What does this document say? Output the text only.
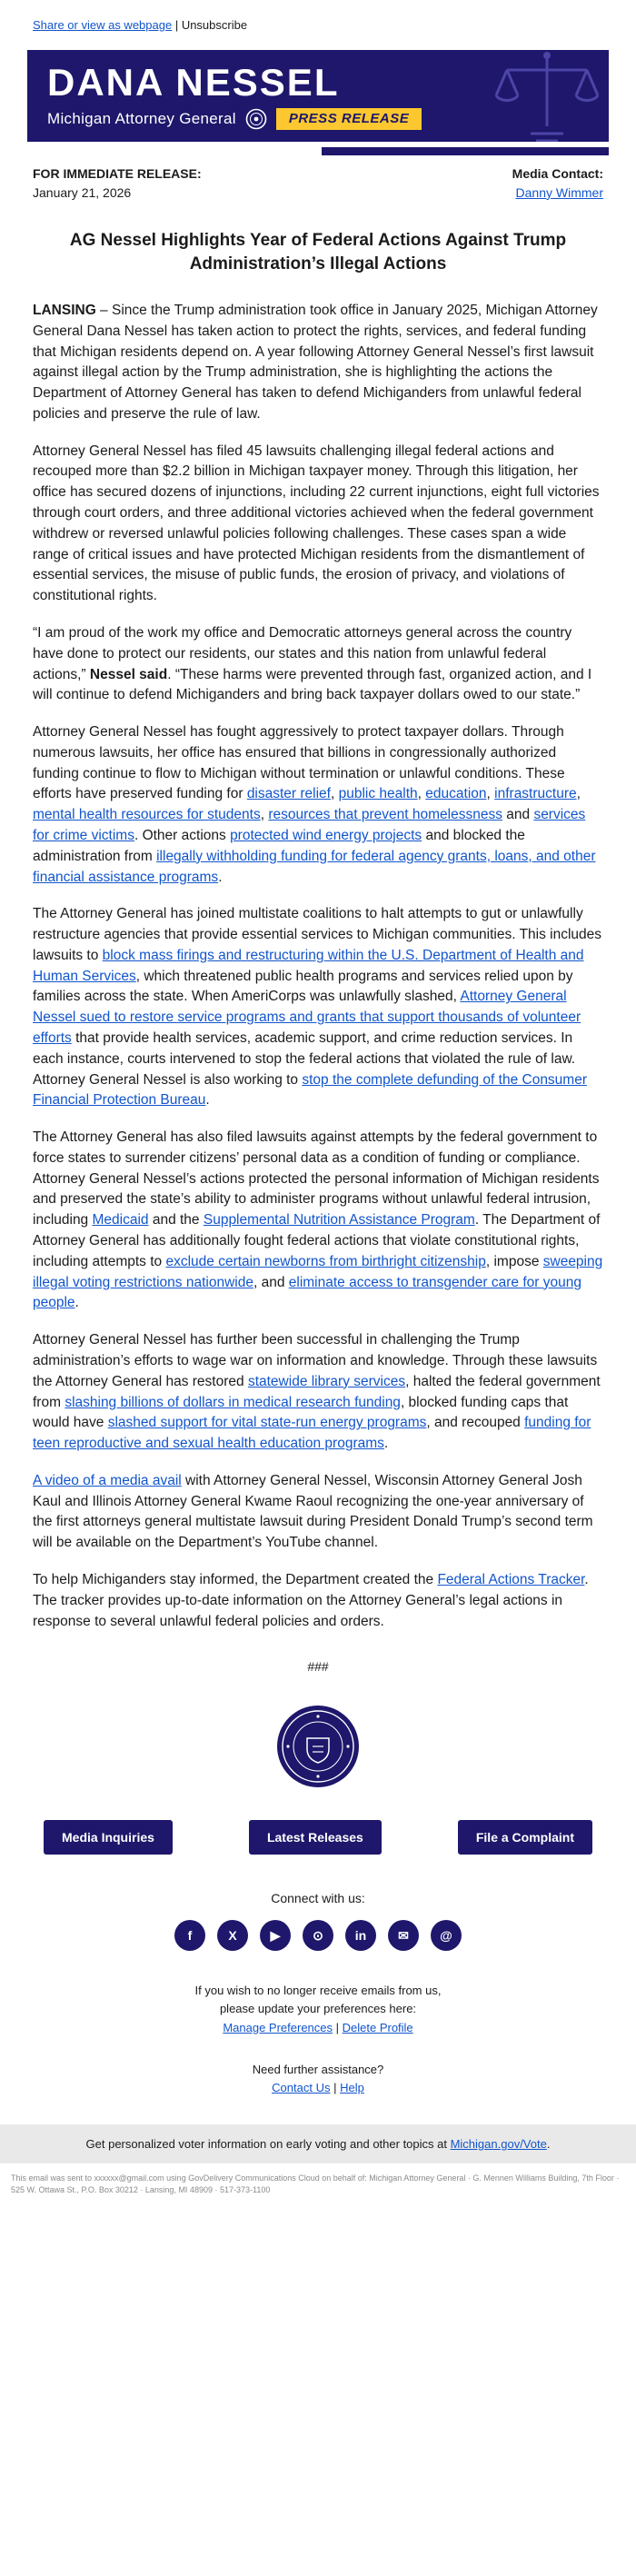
Share or view as webpage | Unsubscribe
DANA NESSEL
Michigan Attorney General	PRESS RELEASE
FOR IMMEDIATE RELEASE:
January 21, 2026
Media Contact:
Danny Wimmer
AG Nessel Highlights Year of Federal Actions Against Trump Administration’s Illegal Actions

LANSING – Since the Trump administration took office in January 2025, Michigan Attorney General Dana Nessel has taken action to protect the rights, services, and federal funding that Michigan residents depend on. A year following Attorney General Nessel’s first lawsuit against illegal action by the Trump administration, she is highlighting the actions the Department of Attorney General has taken to defend Michiganders from unlawful federal policies and preserve the rule of law.

Attorney General Nessel has filed 45 lawsuits challenging illegal federal actions and recouped more than $2.2 billion in Michigan taxpayer money. Through this litigation, her office has secured dozens of injunctions, including 22 current injunctions, eight full victories through court orders, and three additional victories achieved when the federal government withdrew or reversed unlawful policies following challenges. These cases span a wide range of critical issues and have protected Michigan residents from the dismantlement of essential services, the misuse of public funds, the erosion of privacy, and violations of constitutional rights.

“I am proud of the work my office and Democratic attorneys general across the country have done to protect our residents, our states and this nation from unlawful federal actions,” Nessel said. “These harms were prevented through fast, organized action, and I will continue to defend Michiganders and bring back taxpayer dollars owed to our state.”

Attorney General Nessel has fought aggressively to protect taxpayer dollars. Through numerous lawsuits, her office has ensured that billions in congressionally authorized funding continue to flow to Michigan without termination or unlawful conditions. These efforts have preserved funding for disaster relief, public health, education, infrastructure, mental health resources for students, resources that prevent homelessness and services for crime victims. Other actions protected wind energy projects and blocked the administration from illegally withholding funding for federal agency grants, loans, and other financial assistance programs.

The Attorney General has joined multistate coalitions to halt attempts to gut or unlawfully restructure agencies that provide essential services to Michigan communities. This includes lawsuits to block mass firings and restructuring within the U.S. Department of Health and Human Services, which threatened public health programs and services relied upon by families across the state. When AmeriCorps was unlawfully slashed, Attorney General Nessel sued to restore service programs and grants that support thousands of volunteer efforts that provide health services, academic support, and crime reduction services. In each instance, courts intervened to stop the federal actions that violated the rule of law. Attorney General Nessel is also working to stop the complete defunding of the Consumer Financial Protection Bureau.

The Attorney General has also filed lawsuits against attempts by the federal government to force states to surrender citizens’ personal data as a condition of funding or compliance. Attorney General Nessel’s actions protected the personal information of Michigan residents and preserved the state’s ability to administer programs without unlawful federal intrusion, including Medicaid and the Supplemental Nutrition Assistance Program. The Department of Attorney General has additionally fought federal actions that violate constitutional rights, including attempts to exclude certain newborns from birthright citizenship, impose sweeping illegal voting restrictions nationwide, and eliminate access to transgender care for young people.

Attorney General Nessel has further been successful in challenging the Trump administration’s efforts to wage war on information and knowledge. Through these lawsuits the Attorney General has restored statewide library services, halted the federal government from slashing billions of dollars in medical research funding, blocked funding caps that would have slashed support for vital state-run energy programs, and recouped funding for teen reproductive and sexual health education programs.

A video of a media avail with Attorney General Nessel, Wisconsin Attorney General Josh Kaul and Illinois Attorney General Kwame Raoul recognizing the one-year anniversary of the first attorneys general multistate lawsuit during President Donald Trump’s second term will be available on the Department’s YouTube channel.

To help Michiganders stay informed, the Department created the Federal Actions Tracker. The tracker provides up-to-date information on the Attorney General’s legal actions in response to several unlawful federal policies and orders.

###
Media Inquiries	Latest Releases	File a Complaint
Connect with us:
f	X	▶	⊙	in	✉	@
If you wish to no longer receive emails from us,
please update your preferences here:
Manage Preferences | Delete Profile
Need further assistance?
Contact Us | Help
Get personalized voter information on early voting and other topics at Michigan.gov/Vote.
This email was sent to xxxxxx@gmail.com using GovDelivery Communications Cloud on behalf of: Michigan Attorney General · G. Mennen Williams Building, 7th Floor · 525 W. Ottawa St., P.O. Box 30212 · Lansing, MI 48909 · 517-373-1100
